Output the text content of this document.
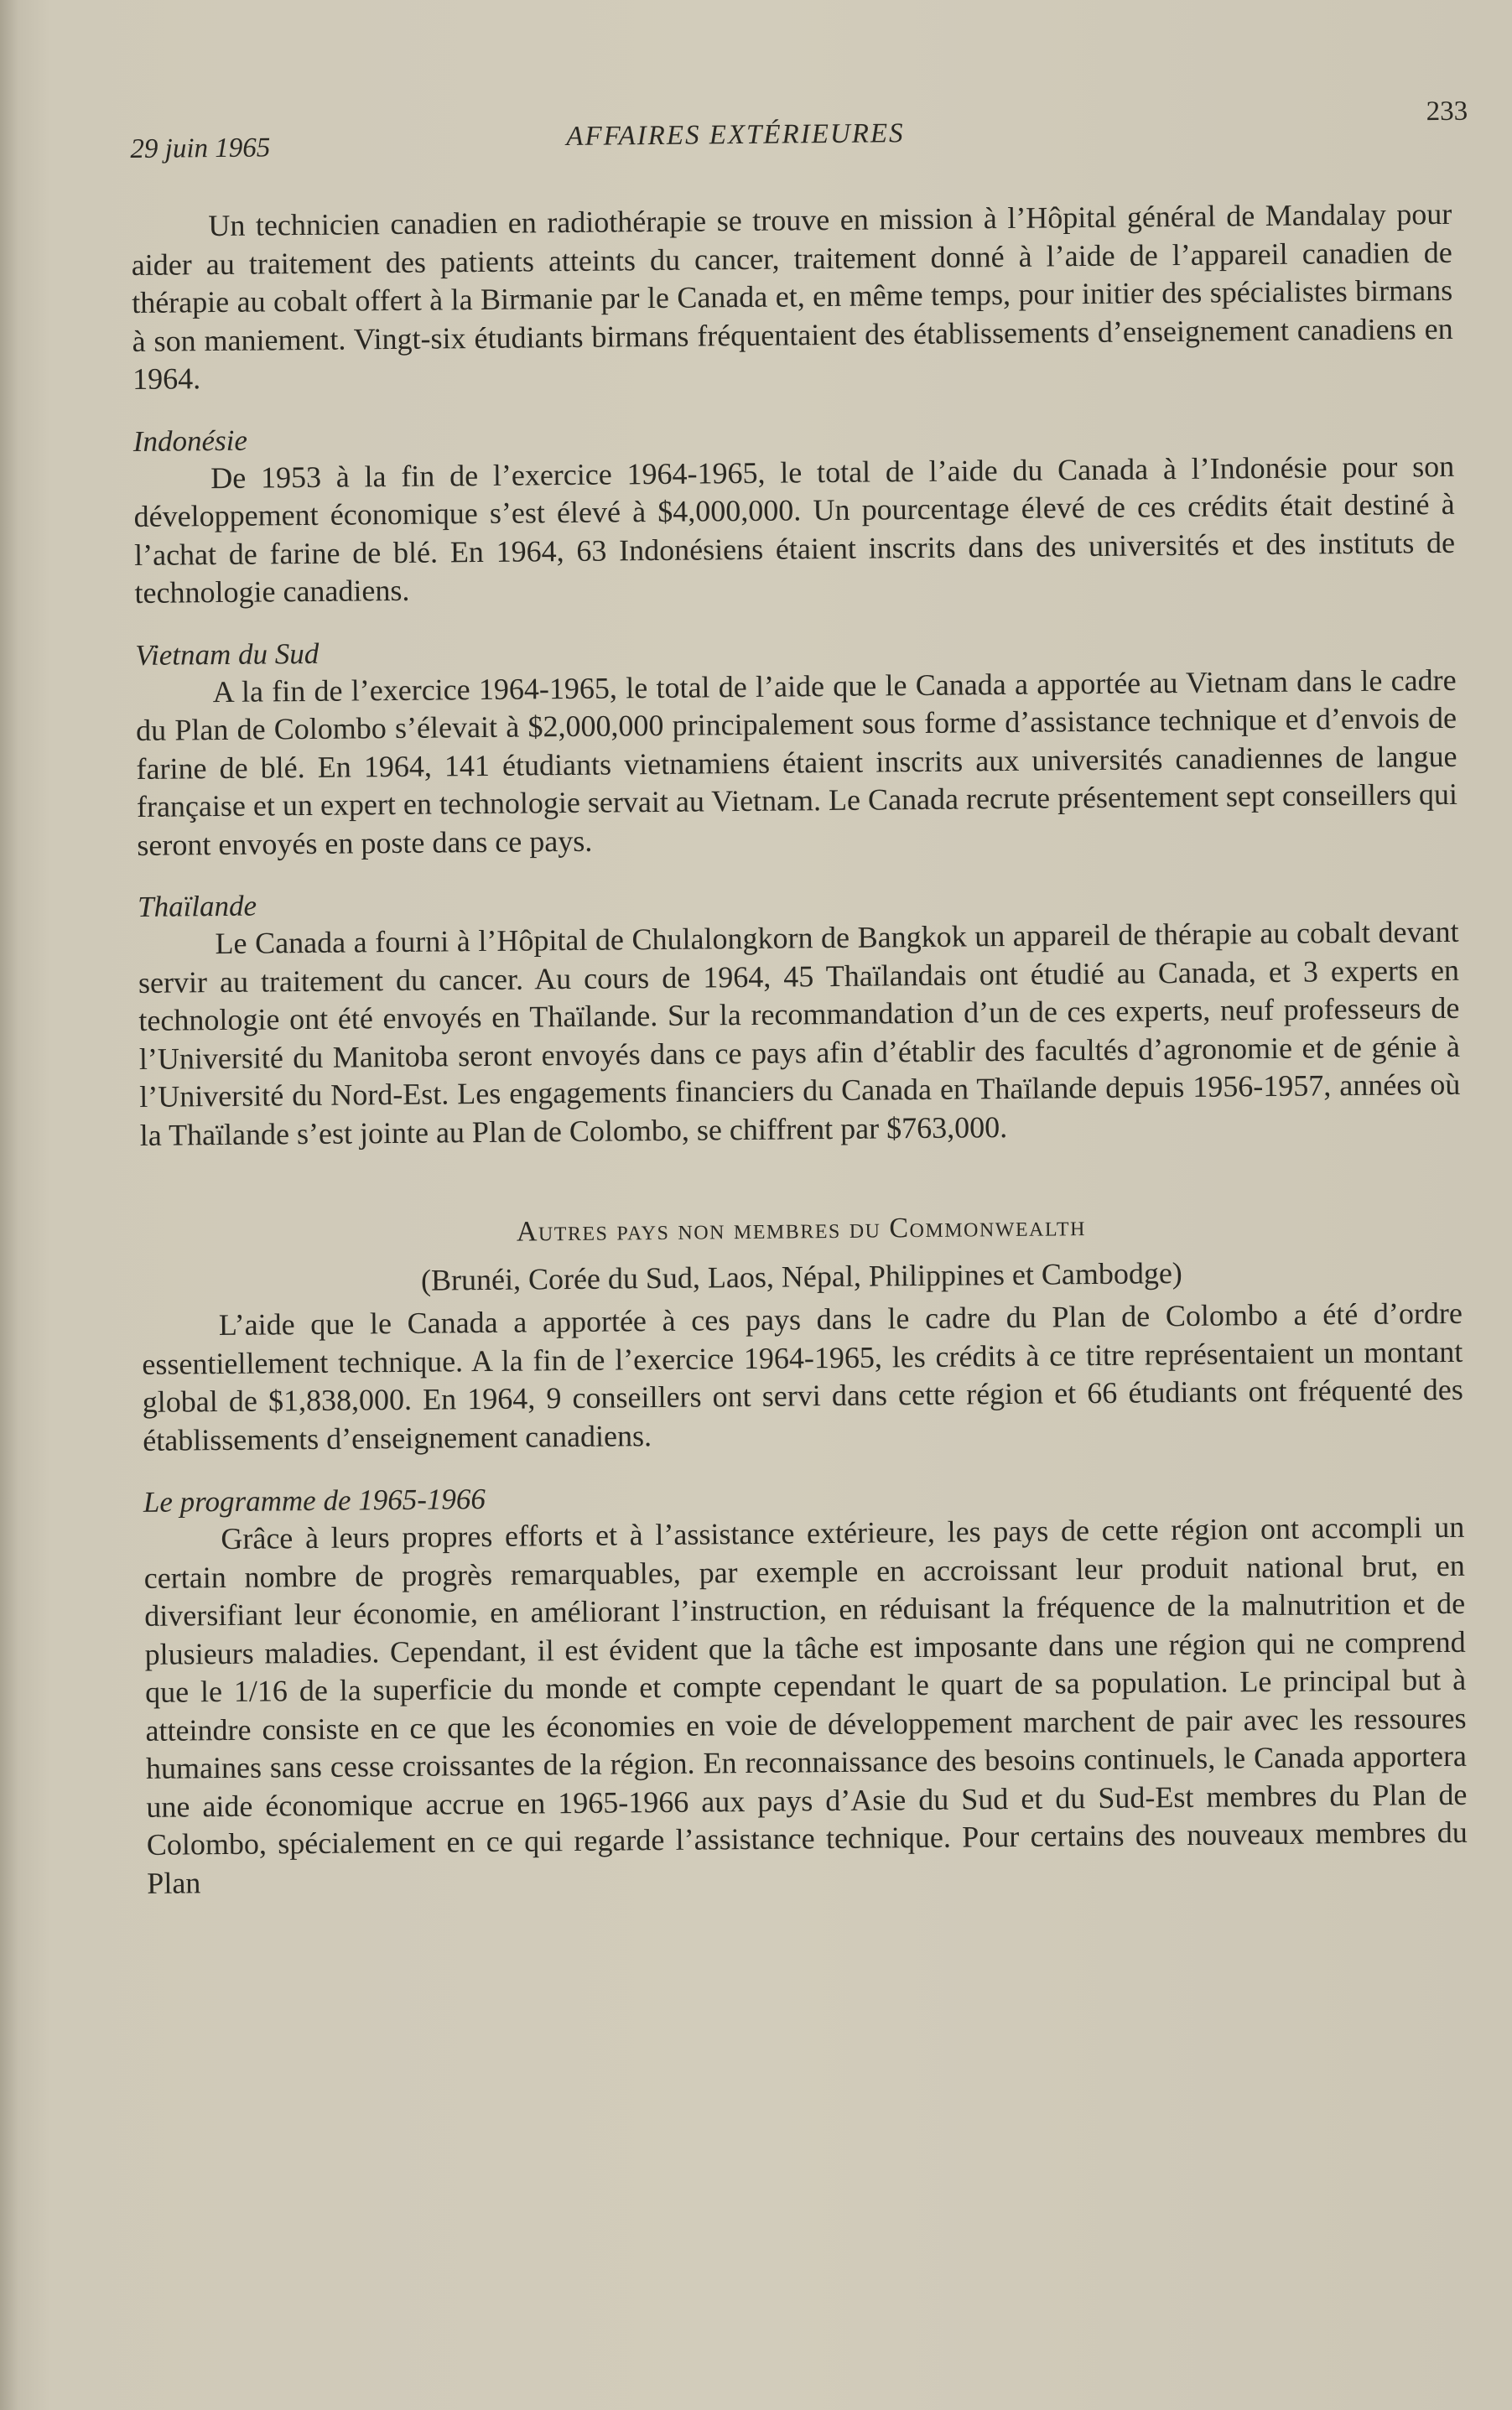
29 juin 1965	AFFAIRES EXTÉRIEURES
233

Un technicien canadien en radiothérapie se trouve en mission à l’Hôpital général de Mandalay pour aider au traitement des patients atteints du cancer, traitement donné à l’aide de l’appareil canadien de thérapie au cobalt offert à la Birmanie par le Canada et, en même temps, pour initier des spécialistes birmans à son maniement. Vingt-six étudiants birmans fréquentaient des établissements d’enseignement canadiens en 1964.

Indonésie

De 1953 à la fin de l’exercice 1964-1965, le total de l’aide du Canada à l’Indonésie pour son développement économique s’est élevé à $4,000,000. Un pourcentage élevé de ces crédits était destiné à l’achat de farine de blé. En 1964, 63 Indonésiens étaient inscrits dans des universités et des instituts de technologie canadiens.

Vietnam du Sud

A la fin de l’exercice 1964-1965, le total de l’aide que le Canada a apportée au Vietnam dans le cadre du Plan de Colombo s’élevait à $2,000,000 principalement sous forme d’assistance technique et d’envois de farine de blé. En 1964, 141 étudiants vietnamiens étaient inscrits aux universités canadiennes de langue française et un expert en technologie servait au Vietnam. Le Canada recrute présentement sept conseillers qui seront envoyés en poste dans ce pays.

Thaïlande

Le Canada a fourni à l’Hôpital de Chulalongkorn de Bangkok un appareil de thérapie au cobalt devant servir au traitement du cancer. Au cours de 1964, 45 Thaïlandais ont étudié au Canada, et 3 experts en technologie ont été envoyés en Thaïlande. Sur la recommandation d’un de ces experts, neuf professeurs de l’Université du Manitoba seront envoyés dans ce pays afin d’établir des facultés d’agronomie et de génie à l’Université du Nord-Est. Les engagements financiers du Canada en Thaïlande depuis 1956-1957, années où la Thaïlande s’est jointe au Plan de Colombo, se chiffrent par $763,000.

Autres pays non membres du Commonwealth
(Brunéi, Corée du Sud, Laos, Népal, Philippines et Cambodge)

L’aide que le Canada a apportée à ces pays dans le cadre du Plan de Colombo a été d’ordre essentiellement technique. A la fin de l’exercice 1964-1965, les crédits à ce titre représentaient un montant global de $1,838,000. En 1964, 9 conseillers ont servi dans cette région et 66 étudiants ont fréquenté des établissements d’enseignement canadiens.

Le programme de 1965-1966

Grâce à leurs propres efforts et à l’assistance extérieure, les pays de cette région ont accompli un certain nombre de progrès remarquables, par exemple en accroissant leur produit national brut, en diversifiant leur économie, en améliorant l’instruction, en réduisant la fréquence de la malnutrition et de plusieurs maladies. Cependant, il est évident que la tâche est imposante dans une région qui ne comprend que le 1/16 de la superficie du monde et compte cependant le quart de sa population. Le principal but à atteindre consiste en ce que les économies en voie de développement marchent de pair avec les ressoures humaines sans cesse croissantes de la région. En reconnaissance des besoins continuels, le Canada apportera une aide économique accrue en 1965-1966 aux pays d’Asie du Sud et du Sud-Est membres du Plan de Colombo, spécialement en ce qui regarde l’assistance technique. Pour certains des nouveaux membres du Plan
